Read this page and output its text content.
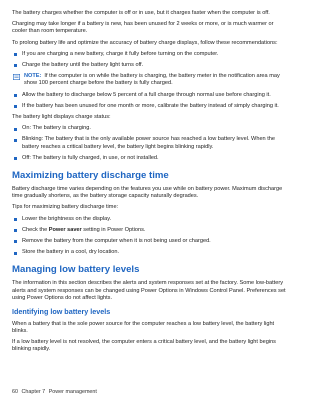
The battery charges whether the computer is off or in use, but it charges faster when the computer is off.

Charging may take longer if a battery is new, has been unused for 2 weeks or more, or is much warmer or cooler than room temperature.

To prolong battery life and optimize the accuracy of battery charge displays, follow these recommendations:

If you are charging a new battery, charge it fully before turning on the computer.
Charge the battery until the battery light turns off.
NOTE: If the computer is on while the battery is charging, the battery meter in the notification area may show 100 percent charge before the battery is fully charged.
Allow the battery to discharge below 5 percent of a full charge through normal use before charging it.
If the battery has been unused for one month or more, calibrate the battery instead of simply charging it.

The battery light displays charge status:

On: The battery is charging.
Blinking: The battery that is the only available power source has reached a low battery level. When the battery reaches a critical battery level, the battery light begins blinking rapidly.
Off: The battery is fully charged, in use, or not installed.
Maximizing battery discharge time

Battery discharge time varies depending on the features you use while on battery power. Maximum discharge time gradually shortens, as the battery storage capacity naturally degrades.

Tips for maximizing battery discharge time:

Lower the brightness on the display.
Check the Power saver setting in Power Options.
Remove the battery from the computer when it is not being used or charged.
Store the battery in a cool, dry location.
Managing low battery levels

The information in this section describes the alerts and system responses set at the factory. Some low-battery alerts and system responses can be changed using Power Options in Windows Control Panel. Preferences set using Power Options do not affect lights.

Identifying low battery levels

When a battery that is the sole power source for the computer reaches a low battery level, the battery light blinks.

If a low battery level is not resolved, the computer enters a critical battery level, and the battery light begins blinking rapidly.

60 Chapter 7 Power management
